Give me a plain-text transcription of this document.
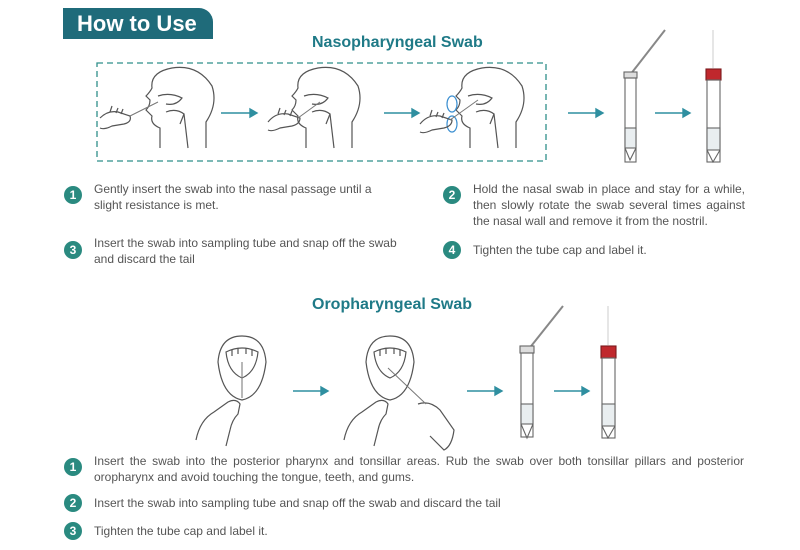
How to Use
Nasopharyngeal Swab
1	Gently insert the swab into the nasal passage until a slight resistance is met.
2	Hold the nasal swab in place and stay for a while, then slowly rotate the swab several times against the nasal wall and remove it from the nostril.
3	Insert the swab into sampling tube and snap off the swab and discard the tail
4	Tighten the tube cap and label it.
Oropharyngeal Swab
1	Insert the swab into the posterior pharynx and tonsillar areas. Rub the swab over both tonsillar pillars and posterior oropharynx and avoid touching the tongue, teeth, and gums.
2	Insert the swab into sampling tube and snap off the swab and discard the tail
3	Tighten the tube cap and label it.
